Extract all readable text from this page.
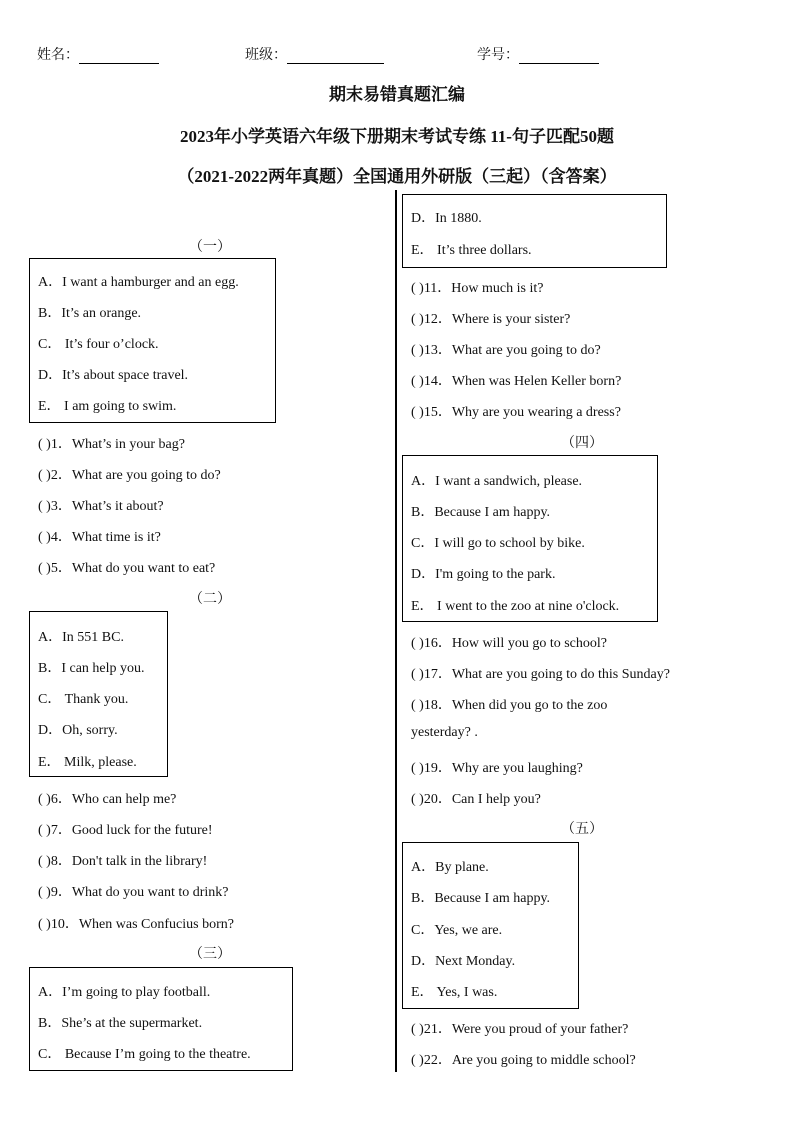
姓名：	班级：	学号：
期末易错真题汇编
2023年小学英语六年级下册期末考试专练 11-句子匹配50题
（2021-2022两年真题）全国通用外研版（三起）（含答案）
（一）
A．I want a hamburger and an egg.
B．It’s an orange.
C． It’s four o’clock.
D．It’s about space travel.
E． I am going to swim.
( )1．What’s in your bag?
( )2．What are you going to do?
( )3．What’s it about?
( )4．What time is it?
( )5．What do you want to eat?
（二）
A．In 551 BC.
B．I can help you.
C． Thank you.
D．Oh, sorry.
E． Milk, please.
( )6．Who can help me?
( )7．Good luck for the future!
( )8．Don't talk in the library!
( )9．What do you want to drink?
( )10．When was Confucius born?
（三）
A．I’m going to play football.
B．She’s at the supermarket.
C． Because I’m going to the theatre.
D．In 1880.
E． It’s three dollars.
( )11．How much is it?
( )12．Where is your sister?
( )13．What are you going to do?
( )14．When was Helen Keller born?
( )15．Why are you wearing a dress?
（四）
A．I want a sandwich, please.
B．Because I am happy.
C．I will go to school by bike.
D．I'm going to the park.
E． I went to the zoo at nine o'clock.
( )16．How will you go to school?
( )17．What are you going to do this Sunday?
( )18．When did you go to the zoo
yesterday? .
( )19．Why are you laughing?
( )20．Can I help you?
（五）
A．By plane.
B．Because I am happy.
C．Yes, we are.
D．Next Monday.
E． Yes, I was.
( )21．Were you proud of your father?
( )22．Are you going to middle school?
